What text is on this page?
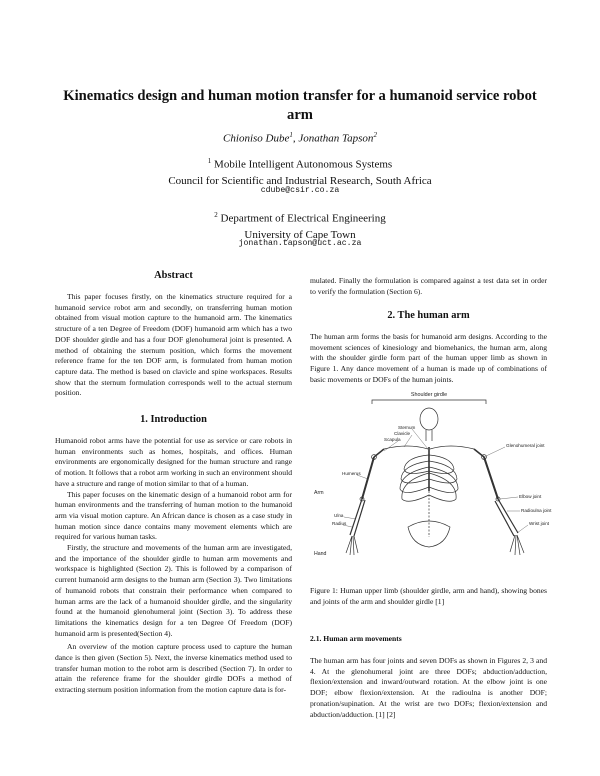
Kinematics design and human motion transfer for a humanoid service robot
arm
Chioniso Dube$^1$, Jonathan Tapson$^2$
$^1$ Mobile Intelligent Autonomous Systems
Council for Scientific and Industrial Research, South Africa
cdube@csir.co.za
$^2$ Department of Electrical Engineering
University of Cape Town
jonathan.tapson@uct.ac.za
Abstract

This paper focuses firstly, on the kinematics structure required for a humanoid service robot arm and secondly, on transferring human motion obtained from visual motion capture to the humanoid arm. The kinematics structure of a ten Degree of Freedom (DOF) humanoid arm which has a two DOF shoulder girdle and has a four DOF glenohumeral joint is presented. A method of obtaining the sternum position, which forms the movement reference frame for the ten DOF arm, is formulated from human motion capture data. The method is based on clavicle and spine workspaces. Results show that the sternum formulation corresponds well to the actual sternum position.

1. Introduction

Humanoid robot arms have the potential for use as service or care robots in human environments such as homes, hospitals, and offices. Human environments are ergonomically designed for the human structure and range of motion. It follows that a robot arm working in such an environment should have a structure and range of motion similar to that of a human.

This paper focuses on the kinematic design of a humanoid robot arm for human environments and the transferring of human motion to the humanoid arm via visual motion capture. An African dance is chosen as a case study in human motion since dance contains many movement elements which are required for various human tasks.

Firstly, the structure and movements of the human arm are investigated, and the importance of the shoulder girdle to human arm movements and workspace is highlighted (Section 2). This is followed by a comparison of current humanoid arm designs to the human arm (Section 3). Two limitations of humanoid robots that constrain their performance when compared to human arms are the lack of a humanoid shoulder girdle, and the singularity found at the humanoid glenohumeral joint (Section 3). To address these limitations the kinematics design for a ten Degree Of Freedom (DOF) humanoid arm is presented(Section 4).

An overview of the motion capture process used to capture the human dance is then given (Section 5). Next, the inverse kinematics method used to transfer human motion to the robot arm is described (Section 7). In order to attain the reference frame for the shoulder girdle DOFs a method of extracting sternum position information from the motion capture data is for-

mulated. Finally the formulation is compared against a test data set in order to verify the formulation (Section 6).

2. The human arm

The human arm forms the basis for humanoid arm designs. According to the movement sciences of kinesiology and biomehanics, the human arm, along with the shoulder girdle form part of the human upper limb as shown in Figure 1. Any dance movement of a human is made up of combinations of basic movements or DOFs of the human joints.

Shoulder girdle
Sternum
Clavicle
Scapula
Glenohumeral joint
Arm
Humerus
Ulna
Radius
Elbow joint
Radioulna joint
Wrist joint
Hand

Figure 1: Human upper limb (shoulder girdle, arm and hand), showing bones and joints of the arm and shoulder girdle [1]

2.1. Human arm movements

The human arm has four joints and seven DOFs as shown in Figures 2, 3 and 4. At the glenohumeral joint are three DOFs; abduction/adduction, flexion/extension and inward/outward rotation. At the elbow joint is one DOF; elbow flexion/extension. At the radioulna is another DOF; pronation/supination. At the wrist are two DOFs; flexion/extension and abduction/adduction. [1] [2]
